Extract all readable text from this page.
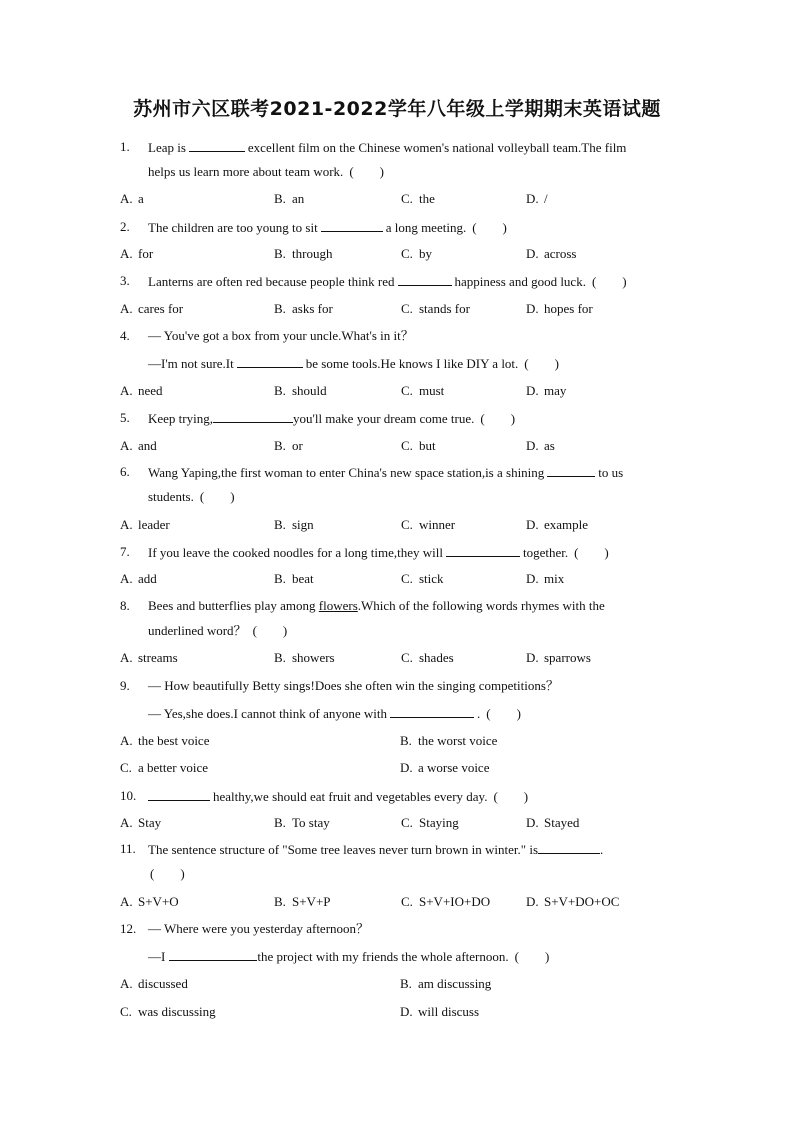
苏州市六区联考2021-2022学年八年级上学期期末英语试题
1. Leap is	excellent film on the Chinese women's national volleyball team.The film
helps us learn more about team work. (　　)
A. a	B. an	C. the	D. /
2. The children are too young to sit	a long meeting. (　　)
A. for	B. through	C. by	D. across
3. Lanterns are often red because people think red	happiness and good luck. (　　)
A. cares for	B. asks for	C. stands for	D. hopes for
4. — You've got a box from your uncle.What's in it？
—I'm not sure.It	be some tools.He knows I like DIY a lot. (　　)
A. need	B. should	C. must	D. may
5. Keep trying,	you'll make your dream come true. (　　)
A. and	B. or	C. but	D. as
6. Wang Yaping,the first woman to enter China's new space station,is a shining	to us
students. (　　)
A. leader	B. sign	C. winner	D. example
7. If you leave the cooked noodles for a long time,they will	together. (　　)
A. add	B. beat	C. stick	D. mix
8. Bees and butterflies play among flowers.Which of the following words rhymes with the
underlined word？ (　　)
A. streams	B. showers	C. shades	D. sparrows
9. — How beautifully Betty sings!Does she often win the singing competitions？
— Yes,she does.I cannot think of anyone with	. (　　)
A. the best voice	B. the worst voice
C. a better voice	D. a worse voice
10.	healthy,we should eat fruit and vegetables every day. (　　)
A. Stay	B. To stay	C. Staying	D. Stayed
11. The sentence structure of "Some tree leaves never turn brown in winter." is	.
(　　)
A. S+V+O	B. S+V+P	C. S+V+IO+DO	D. S+V+DO+OC
12. — Where were you yesterday afternoon？
—I	the project with my friends the whole afternoon. (　　)
A. discussed	B. am discussing
C. was discussing	D. will discuss
